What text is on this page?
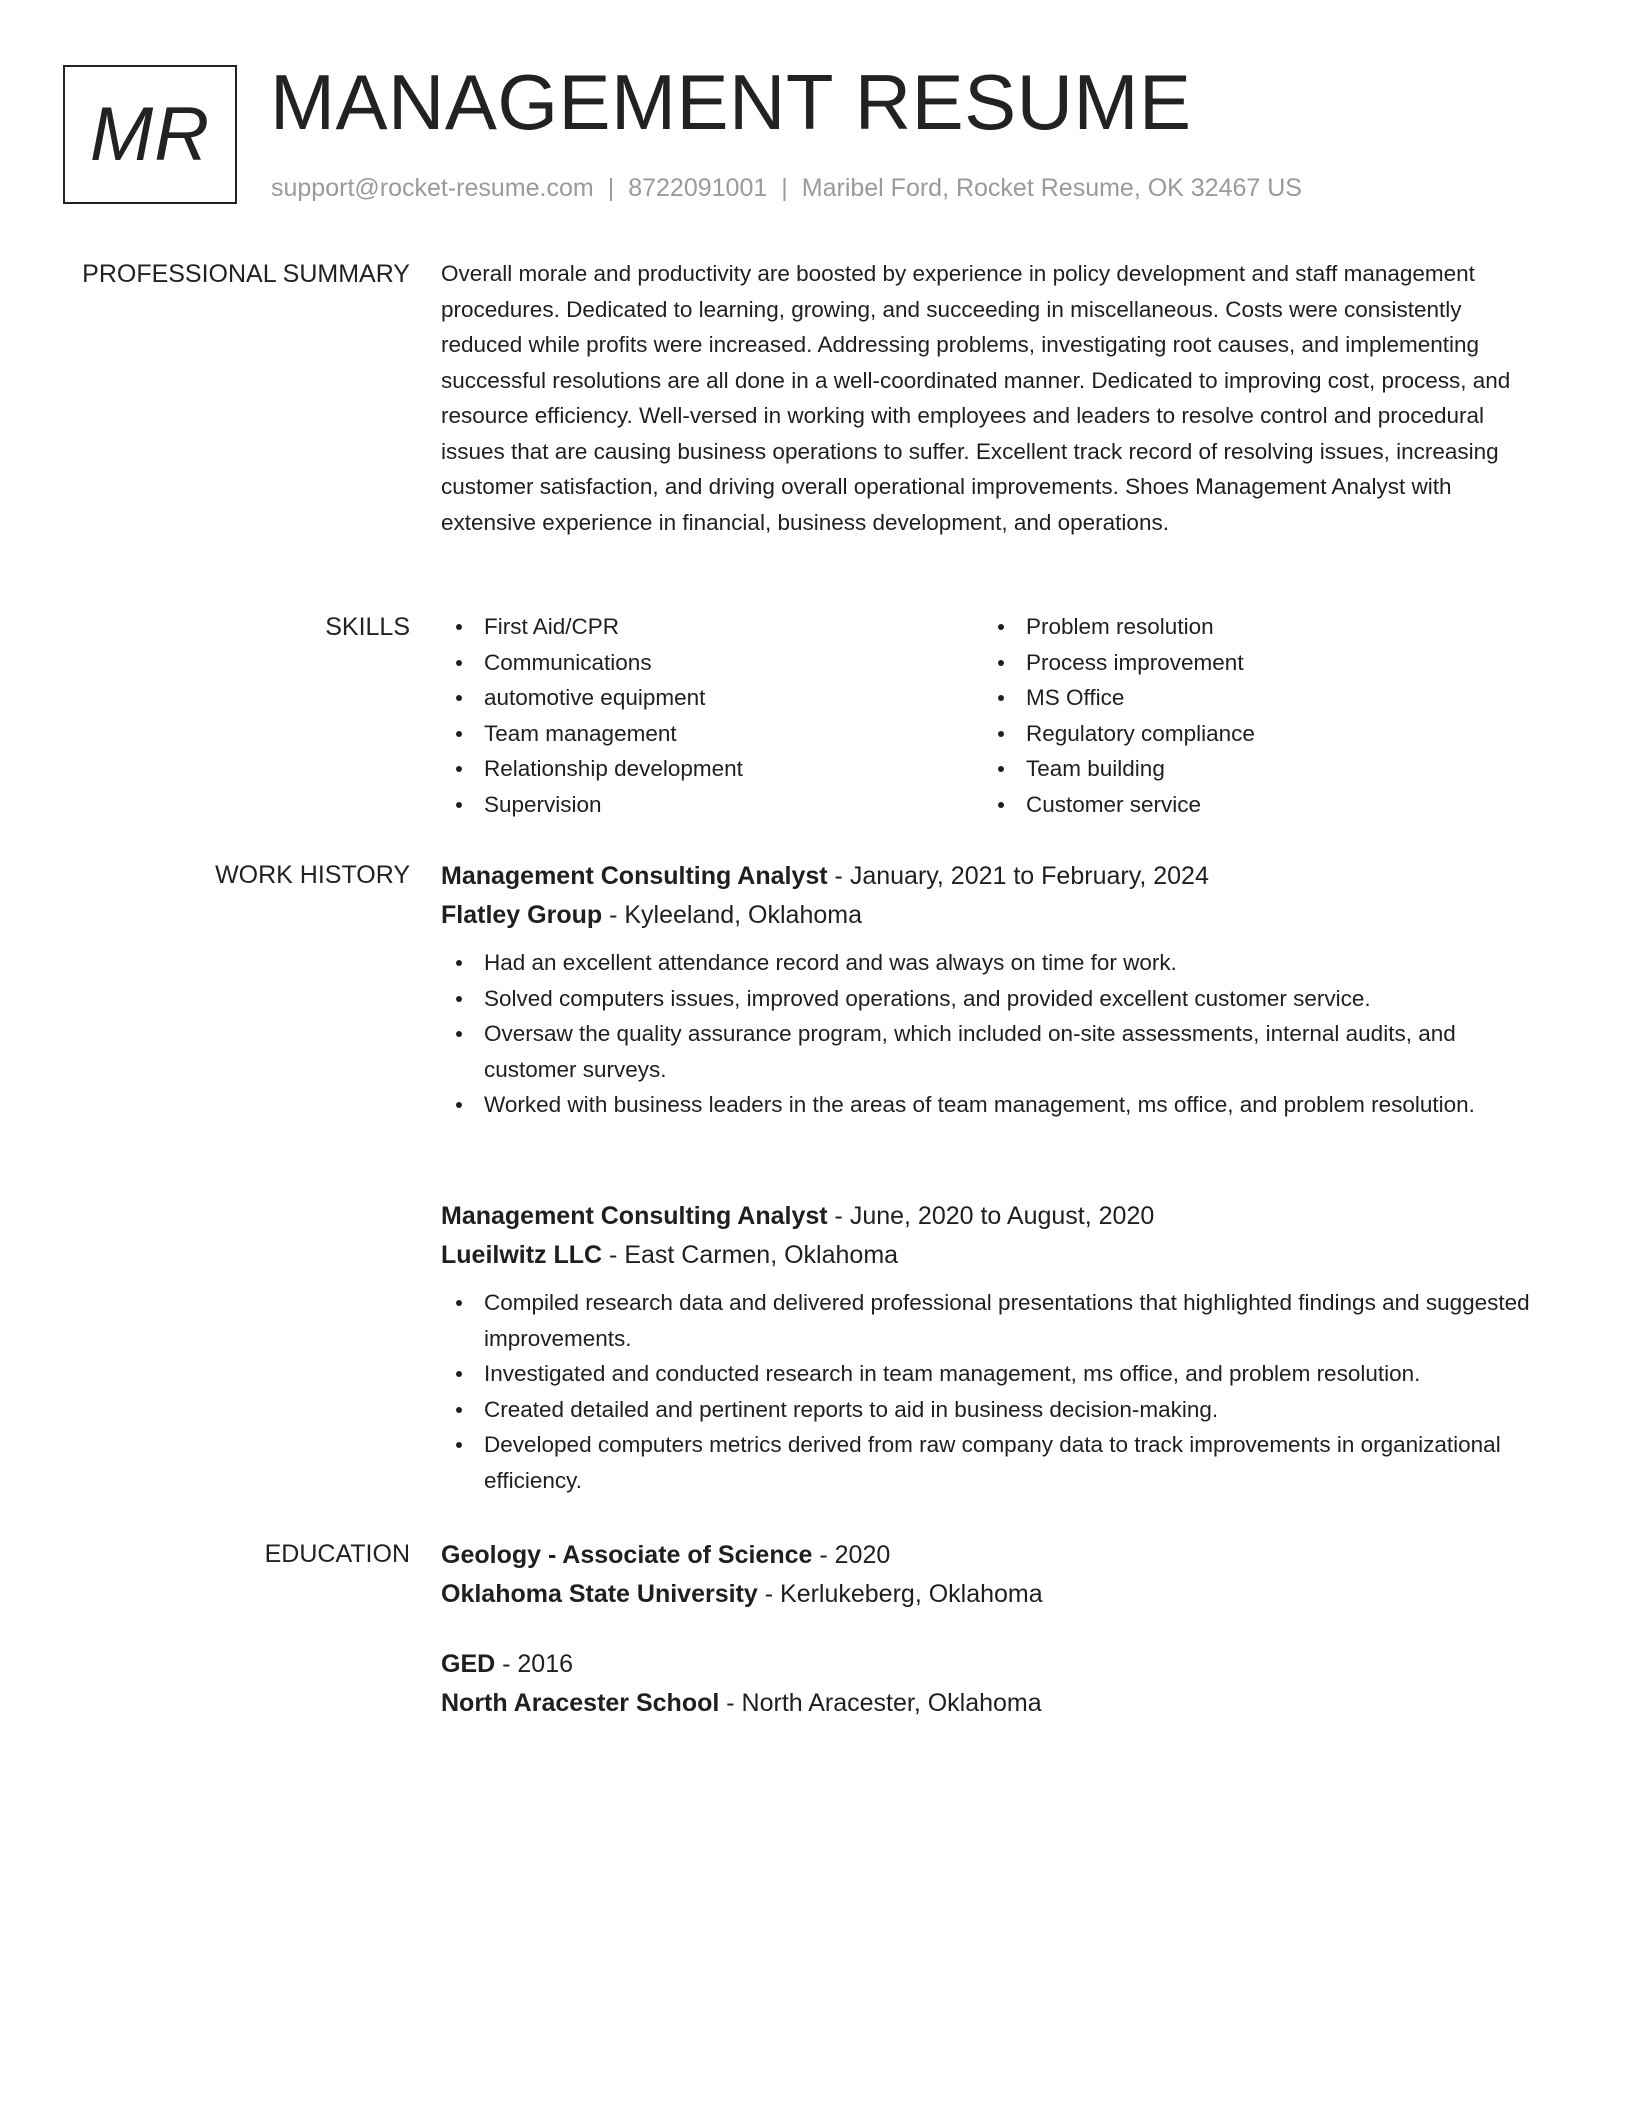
MR MANAGEMENT RESUME
support@rocket-resume.com | 8722091001 | Maribel Ford, Rocket Resume, OK 32467 US
PROFESSIONAL SUMMARY Overall morale and productivity are boosted by experience in policy development and staff management procedures. Dedicated to learning, growing, and succeeding in miscellaneous. Costs were consistently reduced while profits were increased. Addressing problems, investigating root causes, and implementing successful resolutions are all done in a well-coordinated manner. Dedicated to improving cost, process, and resource efficiency. Well-versed in working with employees and leaders to resolve control and procedural issues that are causing business operations to suffer. Excellent track record of resolving issues, increasing customer satisfaction, and driving overall operational improvements. Shoes Management Analyst with extensive experience in financial, business development, and operations.

SKILLS	First Aid/CPR
Communications
automotive equipment
Team management
Relationship development
Supervision
Problem resolution
Process improvement
MS Office
Regulatory compliance
Team building
Customer service
WORK HISTORY Management Consulting Analyst - January, 2021 to February, 2024
Flatley Group - Kyleeland, Oklahoma
Had an excellent attendance record and was always on time for work.
Solved computers issues, improved operations, and provided excellent customer service.
Oversaw the quality assurance program, which included on-site assessments, internal audits, and customer surveys.
Worked with business leaders in the areas of team management, ms office, and problem resolution.
Management Consulting Analyst - June, 2020 to August, 2020
Lueilwitz LLC - East Carmen, Oklahoma
Compiled research data and delivered professional presentations that highlighted findings and suggested improvements.
Investigated and conducted research in team management, ms office, and problem resolution.
Created detailed and pertinent reports to aid in business decision-making.
Developed computers metrics derived from raw company data to track improvements in organizational efficiency.
EDUCATION Geology - Associate of Science - 2020
Oklahoma State University - Kerlukeberg, Oklahoma
GED - 2016
North Aracester School - North Aracester, Oklahoma
